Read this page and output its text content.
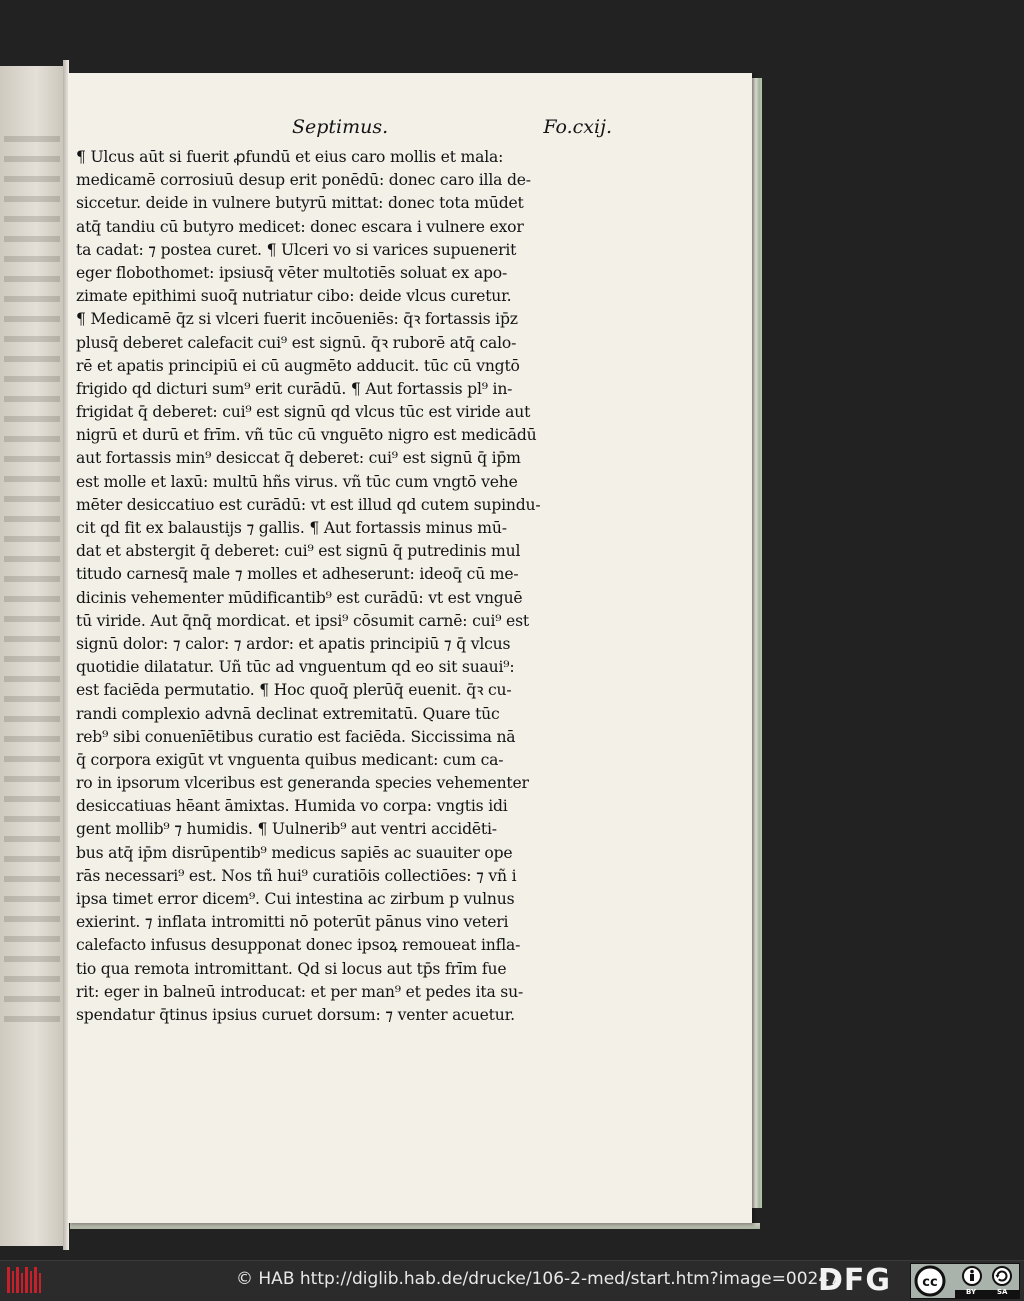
Septimus.	Fo.cxij.
¶ Ulcus aūt si fuerit ꝓfundū et eius caro mollis et mala:
medicamē corrosiuū desup erit ponēdū: donec caro illa de-
siccetur. deide in vulnere butyrū mittat: donec tota mūdet
atq̄ tandiu cū butyro medicet: donec escara i vulnere exor
ta cadat: ⁊ postea curet. ¶ Ulceri vo si varices supuenerit
eger flobothomet: ipsiusq̄ vēter multotiēs soluat ex apo-
zimate epithimi suoq̄ nutriatur cibo: deide vlcus curetur.
¶ Medicamē q̄z si vlceri fuerit incōueniēs: q̄ꝛ fortassis ip̄z
plusq̄ deberet calefacit cui⁹ est signū. q̄ꝛ ruborē atq̄ calo-
rē et apatis principiū ei cū augmēto adducit. tūc cū vngtō
frigido qd dicturi sum⁹ erit curādū. ¶ Aut fortassis pl⁹ in-
frigidat q̄ deberet: cui⁹ est signū qd vlcus tūc est viride aut
nigrū et durū et frīm. vñ tūc cū vnguēto nigro est medicādū
aut fortassis min⁹ desiccat q̄ deberet: cui⁹ est signū q̄ ip̄m
est molle et laxū: multū hñs virus. vñ tūc cum vngtō vehe
mēter desiccatiuo est curādū: vt est illud qd cutem supindu-
cit qd fit ex balaustijs ⁊ gallis. ¶ Aut fortassis minus mū-
dat et abstergit q̄ deberet: cui⁹ est signū q̄ putredinis mul
titudo carnesq̄ male ⁊ molles et adheserunt: ideoq̄ cū me-
dicinis vehementer mūdificantib⁹ est curādū: vt est vnguē
tū viride. Aut q̄nq̄ mordicat. et ipsi⁹ cōsumit carnē: cui⁹ est
signū dolor: ⁊ calor: ⁊ ardor: et apatis principiū ⁊ q̄ vlcus
quotidie dilatatur. Uñ tūc ad vnguentum qd eo sit suaui⁹:
est faciēda permutatio. ¶ Hoc quoq̄ plerūq̄ euenit. q̄ꝛ cu-
randi complexio advnā declinat extremitatū. Quare tūc
reb⁹ sibi conuenīētibus curatio est faciēda. Siccissima nā
q̄ corpora exigūt vt vnguenta quibus medicant: cum ca-
ro in ipsorum vlceribus est generanda species vehementer
desiccatiuas hēant āmixtas. Humida vo corpa: vngtis idi
gent mollib⁹ ⁊ humidis. ¶ Uulnerib⁹ aut ventri accidēti-
bus atq̄ ip̄m disrūpentib⁹ medicus sapiēs ac suauiter ope
rās necessari⁹ est. Nos tñ hui⁹ curatiōis collectiōes: ⁊ vñ i
ipsa timet error dicem⁹. Cui intestina ac zirbum p vulnus
exierint. ⁊ inflata intromitti nō poterūt pānus vino veteri
calefacto infusus desupponat donec ipsoꝝ remoueat infla-
tio qua remota intromittant. Qd si locus aut tp̄s frīm fue
rit: eger in balneū introducat: et per man⁹ et pedes ita su-
spendatur q̄tinus ipsius curuet dorsum: ⁊ venter acuetur.
© HAB http://diglib.hab.de/drucke/106-2-med/start.htm?image=00247
DFG cc
BY	SA
